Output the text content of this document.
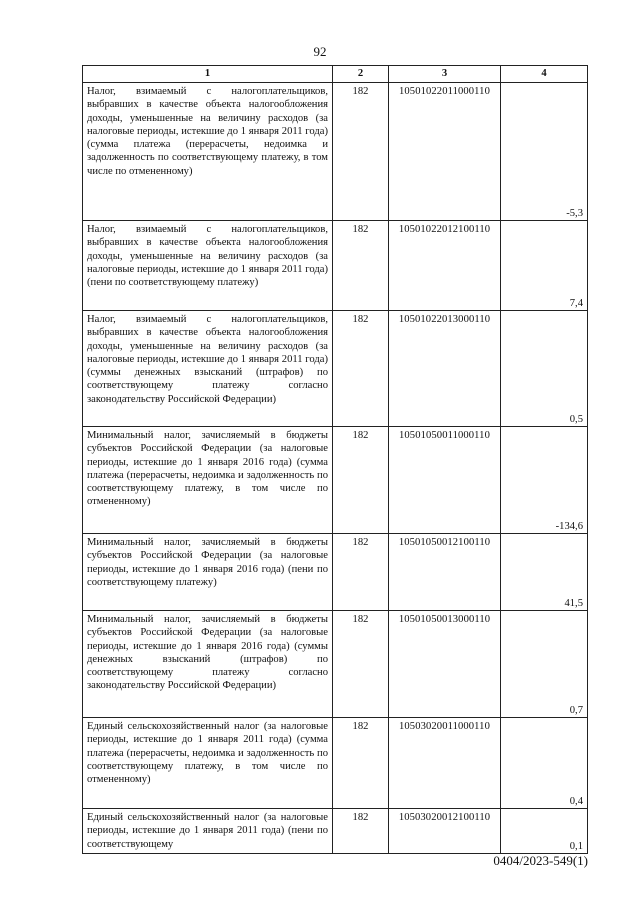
92
1	2	3	4
Налог, взимаемый с налогоплательщиков, выбравших в качестве объекта налогообложения доходы, уменьшенные на величину расходов (за налоговые периоды, истекшие до 1 января 2011 года) (сумма платежа (перерасчеты, недоимка и задолженность по соответствующему платежу, в том числе по отмененному)	182	10501022011000110	-5,3
Налог, взимаемый с налогоплательщиков, выбравших в качестве объекта налогообложения доходы, уменьшенные на величину расходов (за налоговые периоды, истекшие до 1 января 2011 года) (пени по соответствующему платежу)	182	10501022012100110	7,4
Налог, взимаемый с налогоплательщиков, выбравших в качестве объекта налогообложения доходы, уменьшенные на величину расходов (за налоговые периоды, истекшие до 1 января 2011 года) (суммы денежных взысканий (штрафов) по соответствующему платежу согласно законодательству Российской Федерации)	182	10501022013000110	0,5
Минимальный налог, зачисляемый в бюджеты субъектов Российской Федерации (за налоговые периоды, истекшие до 1 января 2016 года) (сумма платежа (перерасчеты, недоимка и задолженность по соответствующему платежу, в том числе по отмененному)	182	10501050011000110	-134,6
Минимальный налог, зачисляемый в бюджеты субъектов Российской Федерации (за налоговые периоды, истекшие до 1 января 2016 года) (пени по соответствующему платежу)	182	10501050012100110	41,5
Минимальный налог, зачисляемый в бюджеты субъектов Российской Федерации (за налоговые периоды, истекшие до 1 января 2016 года) (суммы денежных взысканий (штрафов) по соответствующему платежу согласно законодательству Российской Федерации)	182	10501050013000110	0,7
Единый сельскохозяйственный налог (за налоговые периоды, истекшие до 1 января 2011 года) (сумма платежа (перерасчеты, недоимка и задолженность по соответствующему платежу, в том числе по отмененному)	182	10503020011000110	0,4
Единый сельскохозяйственный налог (за налоговые периоды, истекшие до 1 января 2011 года) (пени по соответствующему	182	10503020012100110	0,1
0404/2023-549(1)
